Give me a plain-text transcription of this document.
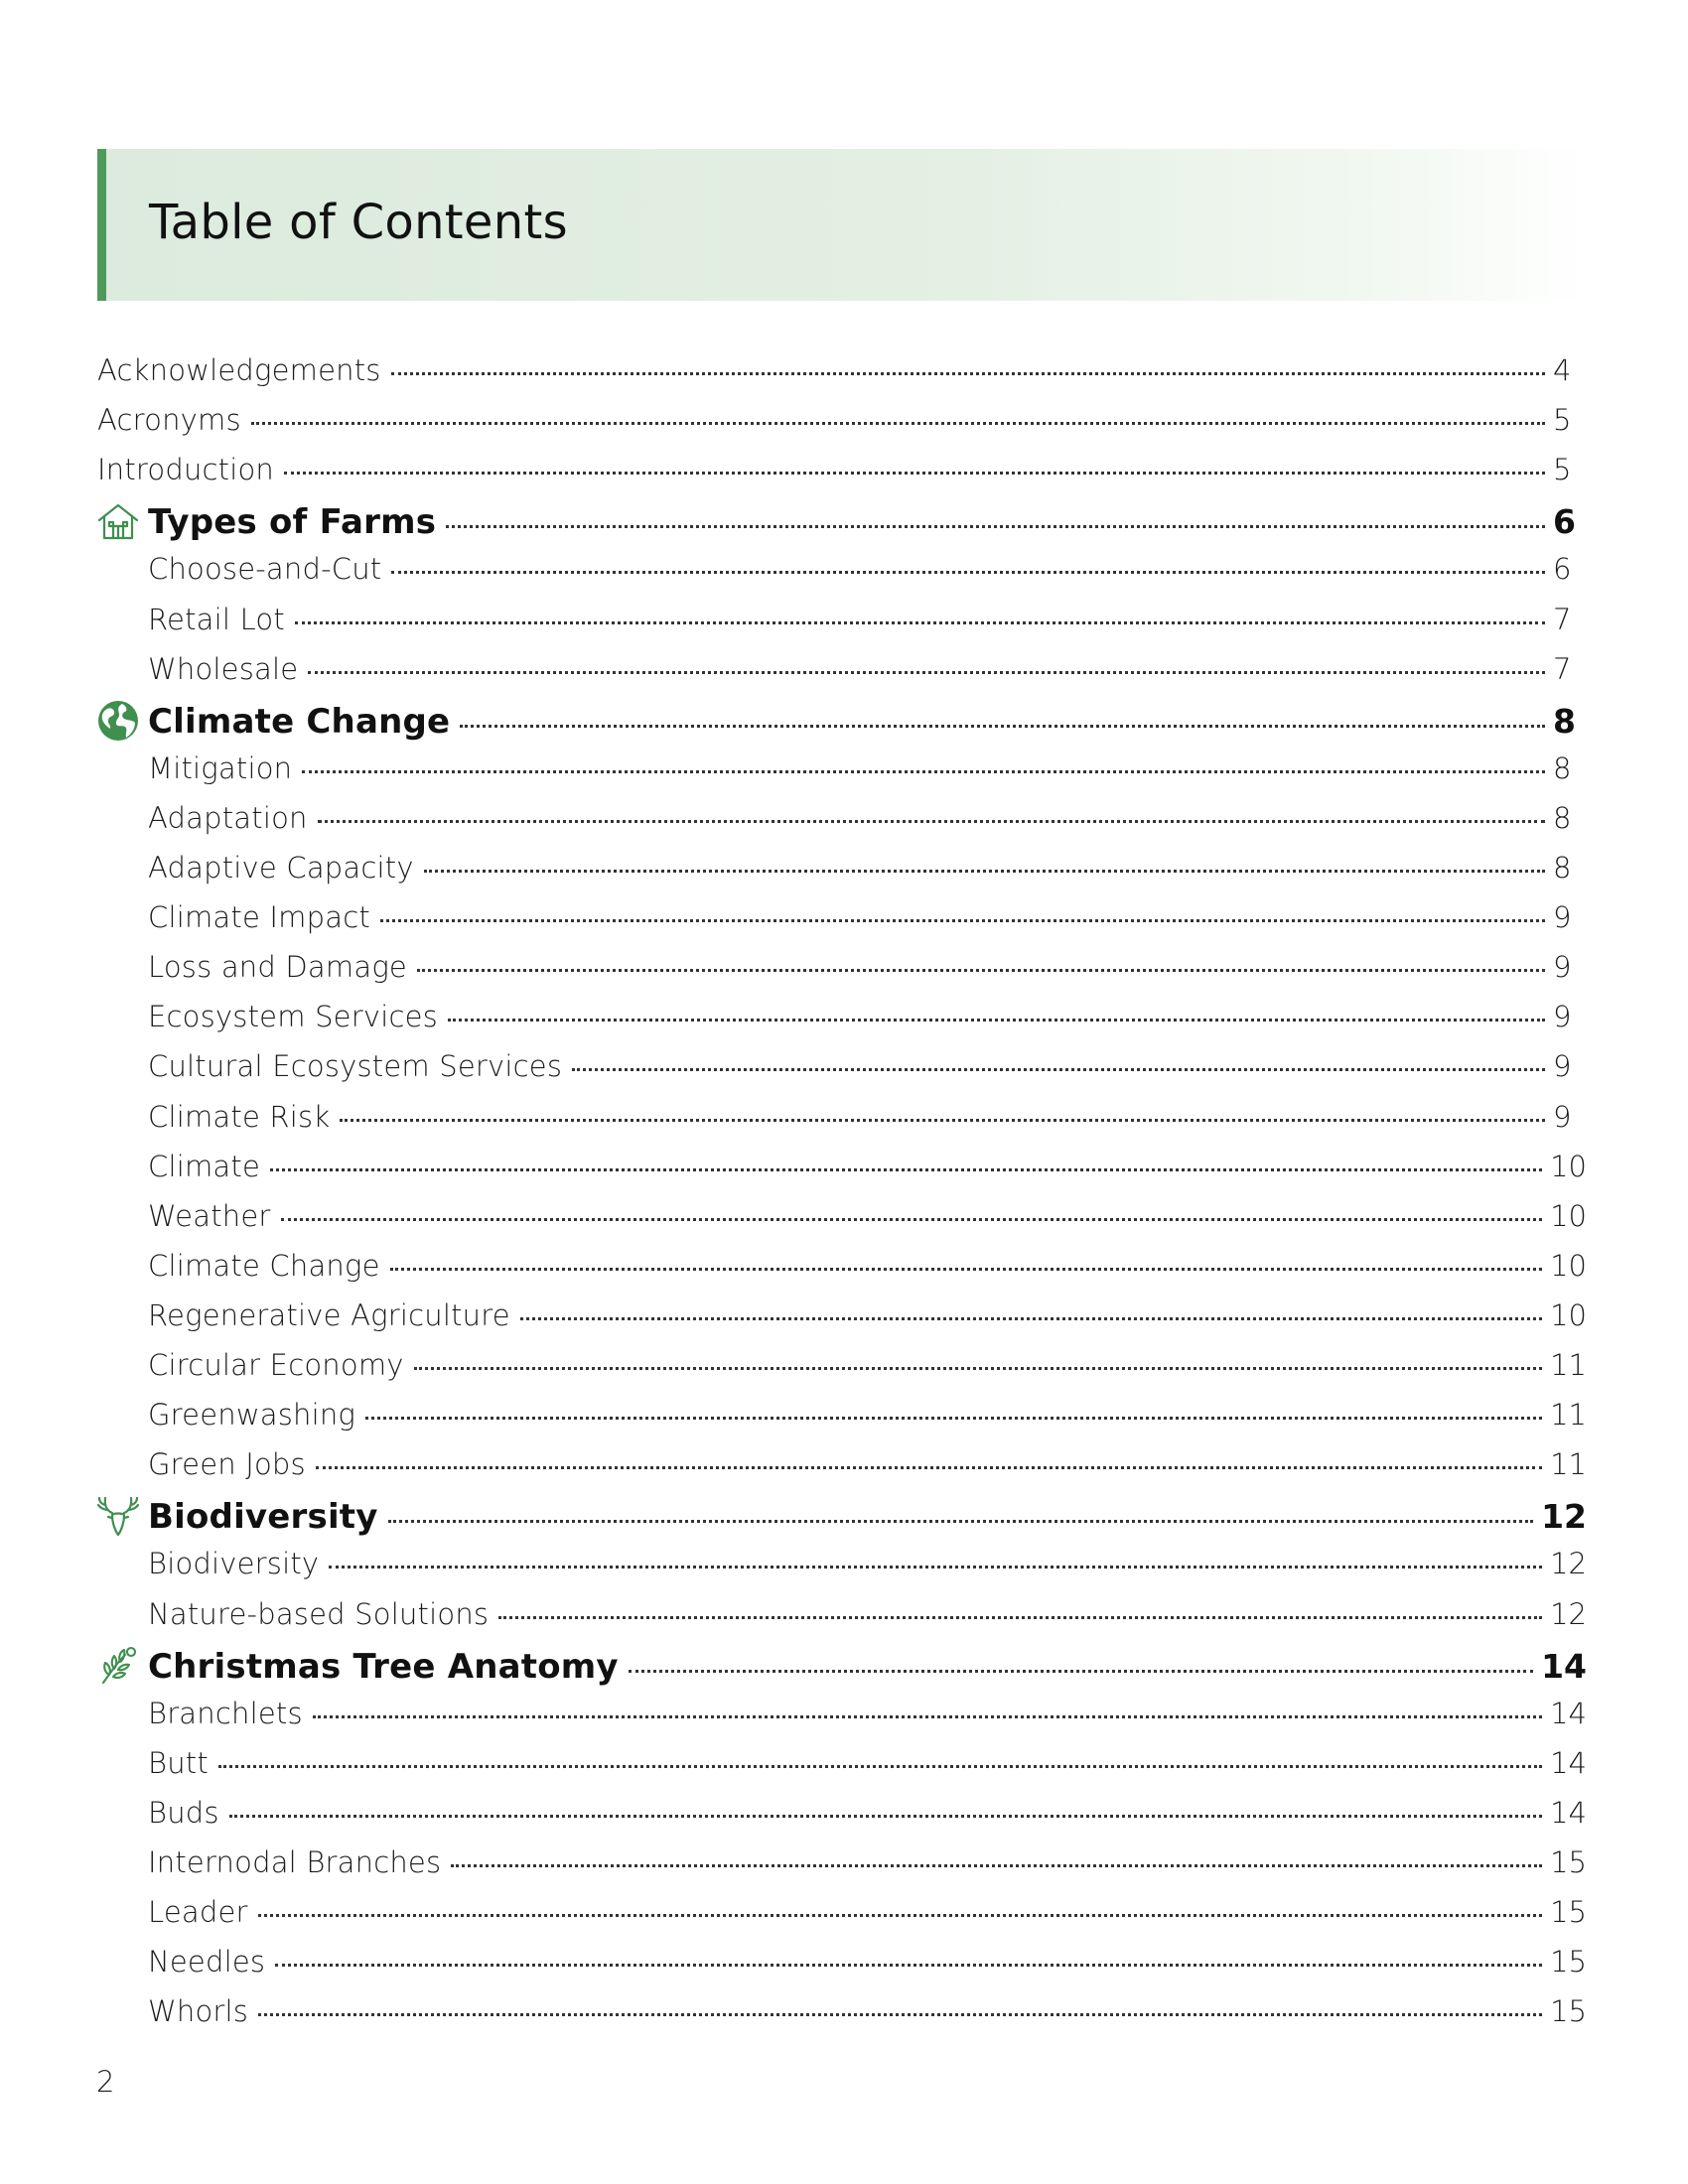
Table of Contents
Acknowledgements	4
Acronyms	5
Introduction	5
Types of Farms	6
Choose-and-Cut	6
Retail Lot	7
Wholesale	7
Climate Change	8
Mitigation	8
Adaptation	8
Adaptive Capacity	8
Climate Impact	9
Loss and Damage	9
Ecosystem Services	9
Cultural Ecosystem Services	9
Climate Risk	9
Climate	10
Weather	10
Climate Change	10
Regenerative Agriculture	10
Circular Economy	11
Greenwashing	11
Green Jobs	11
Biodiversity	12
Biodiversity	12
Nature-based Solutions	12
Christmas Tree Anatomy	14
Branchlets	14
Butt	14
Buds	14
Internodal Branches	15
Leader	15
Needles	15
Whorls	15
2
